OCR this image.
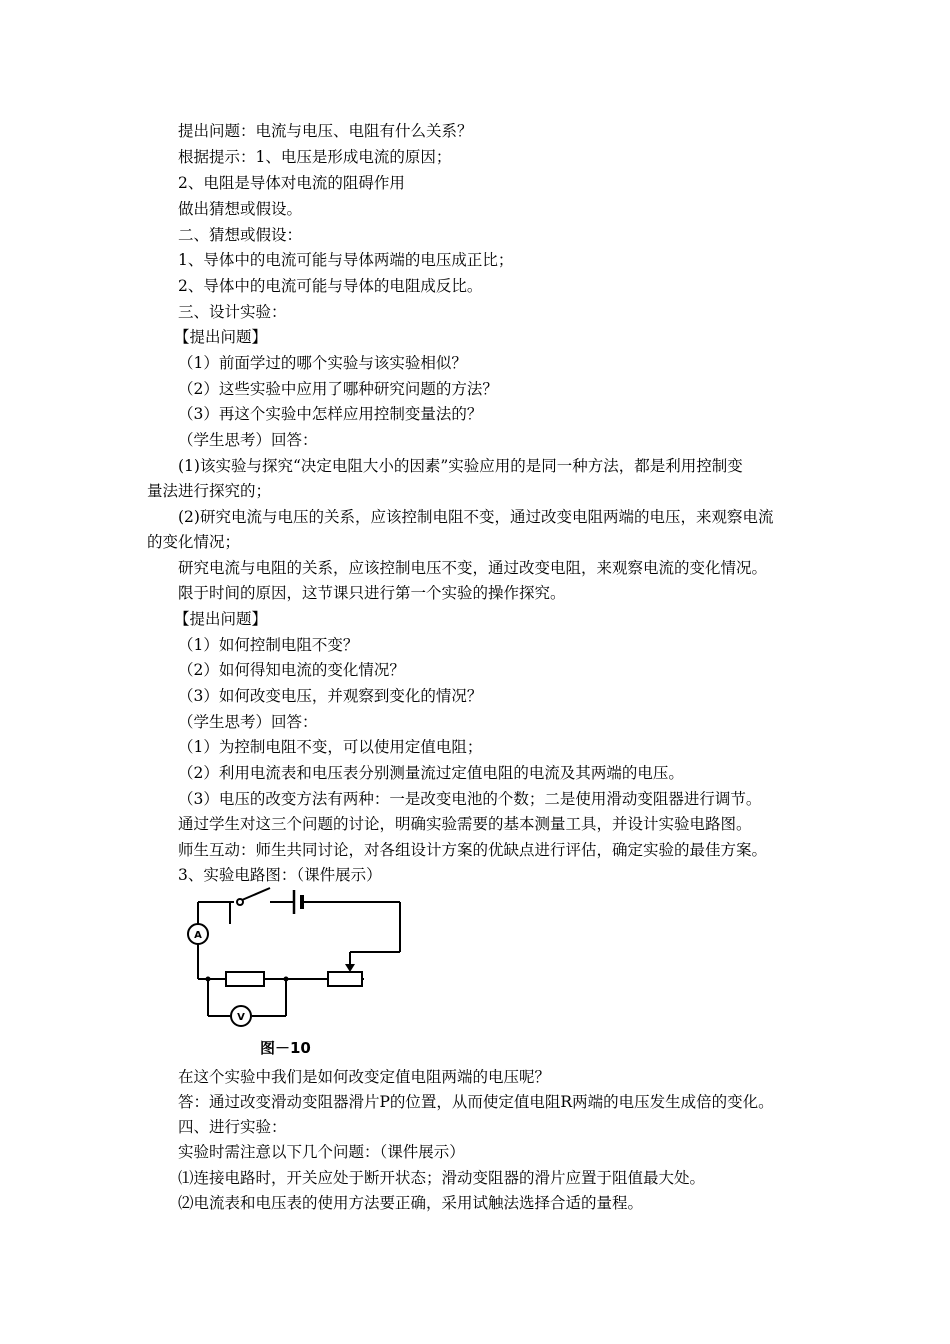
提出问题：电流与电压、电阻有什么关系？
根据提示：1、电压是形成电流的原因；
2、电阻是导体对电流的阻碍作用
做出猜想或假设。
二、猜想或假设：
1、导体中的电流可能与导体两端的电压成正比；
2、导体中的电流可能与导体的电阻成反比。
三、设计实验：
【提出问题】
（1）前面学过的哪个实验与该实验相似？
（2）这些实验中应用了哪种研究问题的方法？
（3）再这个实验中怎样应用控制变量法的？
（学生思考）回答：
(1)该实验与探究“决定电阻大小的因素”实验应用的是同一种方法，都是利用控制变
量法进行探究的；
(2)研究电流与电压的关系，应该控制电阻不变，通过改变电阻两端的电压，来观察电流
的变化情况；
研究电流与电阻的关系，应该控制电压不变，通过改变电阻，来观察电流的变化情况。
限于时间的原因，这节课只进行第一个实验的操作探究。
【提出问题】
（1）如何控制电阻不变？
（2）如何得知电流的变化情况？
（3）如何改变电压，并观察到变化的情况？
（学生思考）回答：
（1）为控制电阻不变，可以使用定值电阻；
（2）利用电流表和电压表分别测量流过定值电阻的电流及其两端的电压。
（3）电压的改变方法有两种：一是改变电池的个数；二是使用滑动变阻器进行调节。
通过学生对这三个问题的讨论，明确实验需要的基本测量工具，并设计实验电路图。
师生互动：师生共同讨论，对各组设计方案的优缺点进行评估，确定实验的最佳方案。
3、实验电路图：（课件展示）
A
V
图－10
在这个实验中我们是如何改变定值电阻两端的电压呢？
答：通过改变滑动变阻器滑片P的位置，从而使定值电阻R两端的电压发生成倍的变化。
四、进行实验：
实验时需注意以下几个问题：（课件展示）
⑴连接电路时，开关应处于断开状态；滑动变阻器的滑片应置于阻值最大处。
⑵电流表和电压表的使用方法要正确，采用试触法选择合适的量程。
